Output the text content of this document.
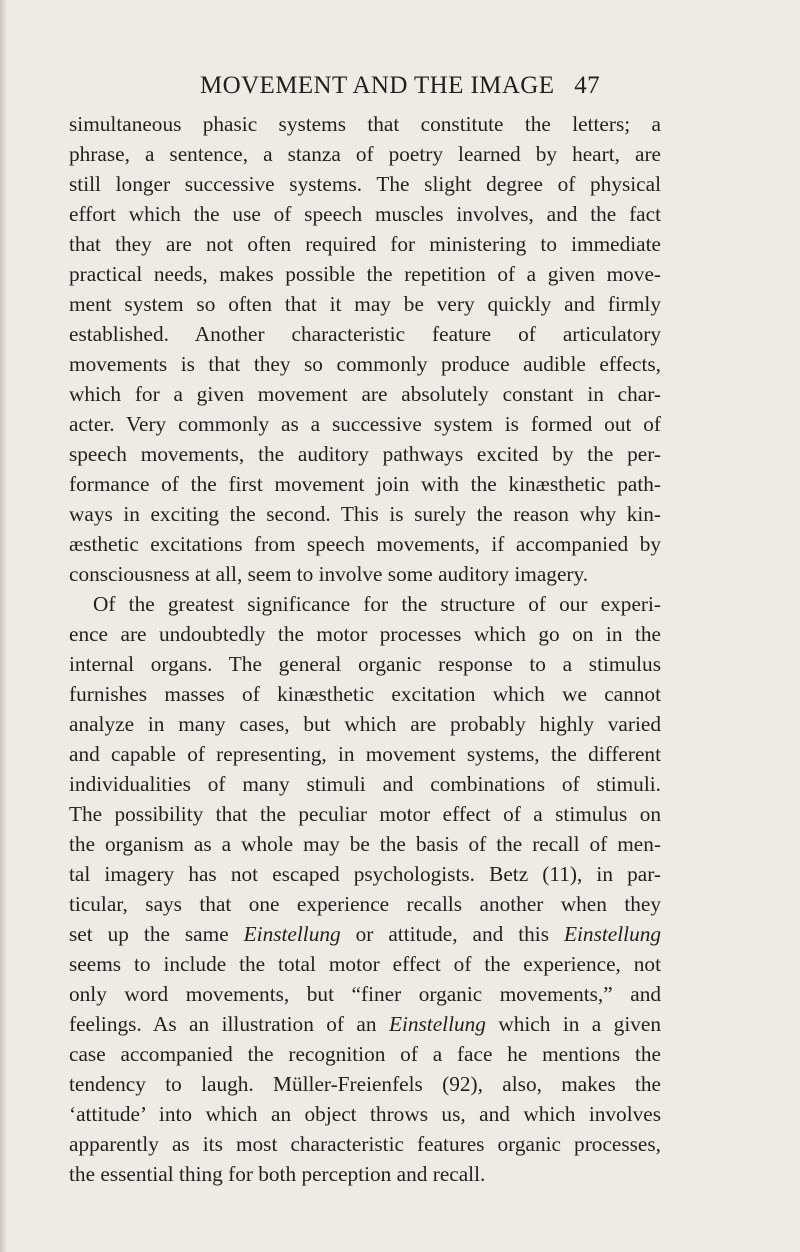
MOVEMENT AND THE IMAGE 47
simultaneous phasic systems that constitute the letters; a
phrase, a sentence, a stanza of poetry learned by heart, are
still longer successive systems. The slight degree of physical
effort which the use of speech muscles involves, and the fact
that they are not often required for ministering to immediate
practical needs, makes possible the repetition of a given move-
ment system so often that it may be very quickly and firmly
established. Another characteristic feature of articulatory
movements is that they so commonly produce audible effects,
which for a given movement are absolutely constant in char-
acter. Very commonly as a successive system is formed out of
speech movements, the auditory pathways excited by the per-
formance of the first movement join with the kinæsthetic path-
ways in exciting the second. This is surely the reason why kin-
æsthetic excitations from speech movements, if accompanied by
consciousness at all, seem to involve some auditory imagery.
Of the greatest significance for the structure of our experi-
ence are undoubtedly the motor processes which go on in the
internal organs. The general organic response to a stimulus
furnishes masses of kinæsthetic excitation which we cannot
analyze in many cases, but which are probably highly varied
and capable of representing, in movement systems, the different
individualities of many stimuli and combinations of stimuli.
The possibility that the peculiar motor effect of a stimulus on
the organism as a whole may be the basis of the recall of men-
tal imagery has not escaped psychologists. Betz (11), in par-
ticular, says that one experience recalls another when they
set up the same Einstellung or attitude, and this Einstellung
seems to include the total motor effect of the experience, not
only word movements, but “finer organic movements,” and
feelings. As an illustration of an Einstellung which in a given
case accompanied the recognition of a face he mentions the
tendency to laugh. Müller-Freienfels (92), also, makes the
‘attitude’ into which an object throws us, and which involves
apparently as its most characteristic features organic processes,
the essential thing for both perception and recall.
